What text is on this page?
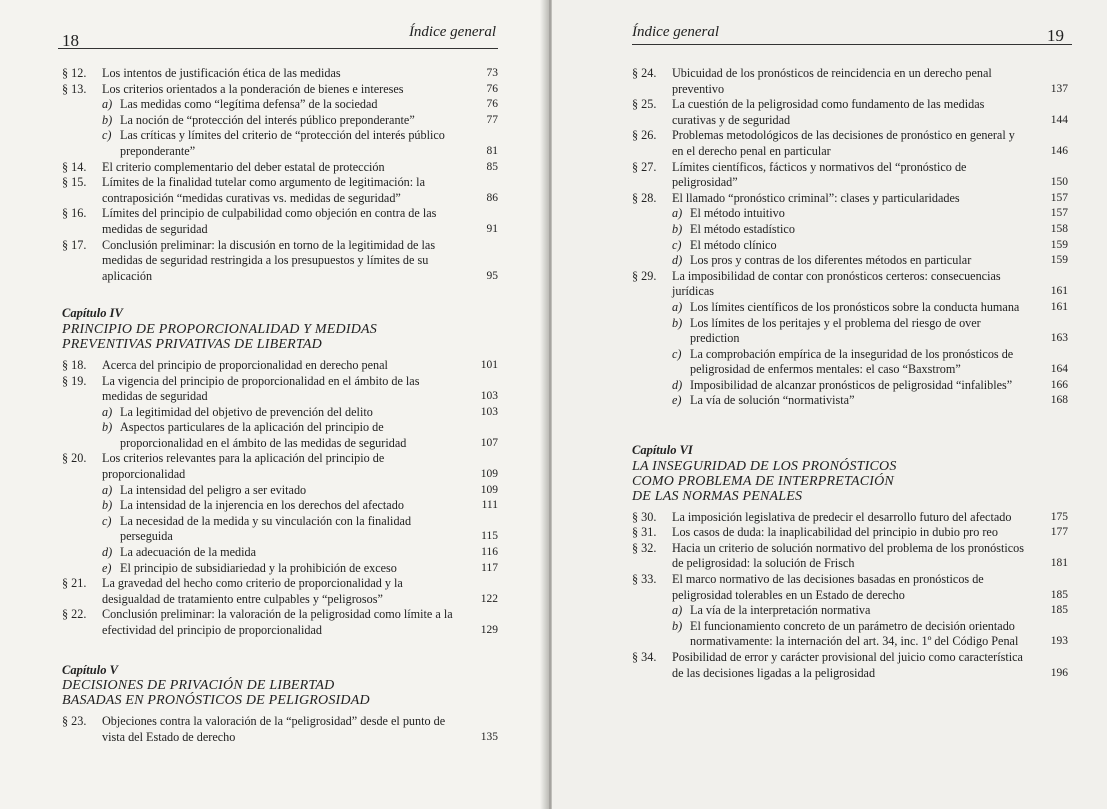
18	Índice general
§ 12.	Los intentos de justificación ética de las medidas	73
§ 13.	Los criterios orientados a la ponderación de bienes e intereses	76
a) Las medidas como “legítima defensa” de la sociedad	76
b) La noción de “protección del interés público preponderante”	77
c) Las críticas y límites del criterio de “protección del interés público preponderante”	81
§ 14.	El criterio complementario del deber estatal de protección	85
§ 15.	Límites de la finalidad tutelar como argumento de legitimación: la contraposición “medidas curativas vs. medidas de seguridad”	86
§ 16.	Límites del principio de culpabilidad como objeción en contra de las medidas de seguridad	91
§ 17.	Conclusión preliminar: la discusión en torno de la legitimidad de las medidas de seguridad restringida a los presupuestos y límites de su aplicación	95
Capítulo IV
PRINCIPIO DE PROPORCIONALIDAD Y MEDIDAS
PREVENTIVAS PRIVATIVAS DE LIBERTAD
§ 18.	Acerca del principio de proporcionalidad en derecho penal	101
§ 19.	La vigencia del principio de proporcionalidad en el ámbito de las medidas de seguridad	103
a) La legitimidad del objetivo de prevención del delito	103
b) Aspectos particulares de la aplicación del principio de proporcionalidad en el ámbito de las medidas de seguridad	107
§ 20.	Los criterios relevantes para la aplicación del principio de proporcionalidad	109
a) La intensidad del peligro a ser evitado	109
b) La intensidad de la injerencia en los derechos del afectado	111
c) La necesidad de la medida y su vinculación con la finalidad perseguida	115
d) La adecuación de la medida	116
e) El principio de subsidiariedad y la prohibición de exceso	117
§ 21.	La gravedad del hecho como criterio de proporcionalidad y la desigualdad de tratamiento entre culpables y “peligrosos”	122
§ 22.	Conclusión preliminar: la valoración de la peligrosidad como límite a la efectividad del principio de proporcionalidad	129
Capítulo V
DECISIONES DE PRIVACIÓN DE LIBERTAD
BASADAS EN PRONÓSTICOS DE PELIGROSIDAD
§ 23.	Objeciones contra la valoración de la “peligrosidad” desde el punto de vista del Estado de derecho	135
Índice general	19
§ 24.	Ubicuidad de los pronósticos de reincidencia en un derecho penal preventivo	137
§ 25.	La cuestión de la peligrosidad como fundamento de las medidas curativas y de seguridad	144
§ 26.	Problemas metodológicos de las decisiones de pronóstico en general y en el derecho penal en particular	146
§ 27.	Límites científicos, fácticos y normativos del “pronóstico de peligrosidad”	150
§ 28.	El llamado “pronóstico criminal”: clases y particularidades	157
a) El método intuitivo	157
b) El método estadístico	158
c) El método clínico	159
d) Los pros y contras de los diferentes métodos en particular	159
§ 29.	La imposibilidad de contar con pronósticos certeros: consecuencias jurídicas	161
a) Los límites científicos de los pronósticos sobre la conducta humana	161
b) Los límites de los peritajes y el problema del riesgo de over prediction	163
c) La comprobación empírica de la inseguridad de los pronósticos de peligrosidad de enfermos mentales: el caso “Baxstrom”	164
d) Imposibilidad de alcanzar pronósticos de peligrosidad “infalibles”	166
e) La vía de solución “normativista”	168
Capítulo VI
LA INSEGURIDAD DE LOS PRONÓSTICOS
COMO PROBLEMA DE INTERPRETACIÓN
DE LAS NORMAS PENALES
§ 30.	La imposición legislativa de predecir el desarrollo futuro del afectado	175
§ 31.	Los casos de duda: la inaplicabilidad del principio in dubio pro reo	177
§ 32.	Hacia un criterio de solución normativo del problema de los pronósticos de peligrosidad: la solución de Frisch	181
§ 33.	El marco normativo de las decisiones basadas en pronósticos de peligrosidad tolerables en un Estado de derecho	185
a) La vía de la interpretación normativa	185
b) El funcionamiento concreto de un parámetro de decisión orientado normativamente: la internación del art. 34, inc. 1º del Código Penal	193
§ 34.	Posibilidad de error y carácter provisional del juicio como característica de las decisiones ligadas a la peligrosidad	196
